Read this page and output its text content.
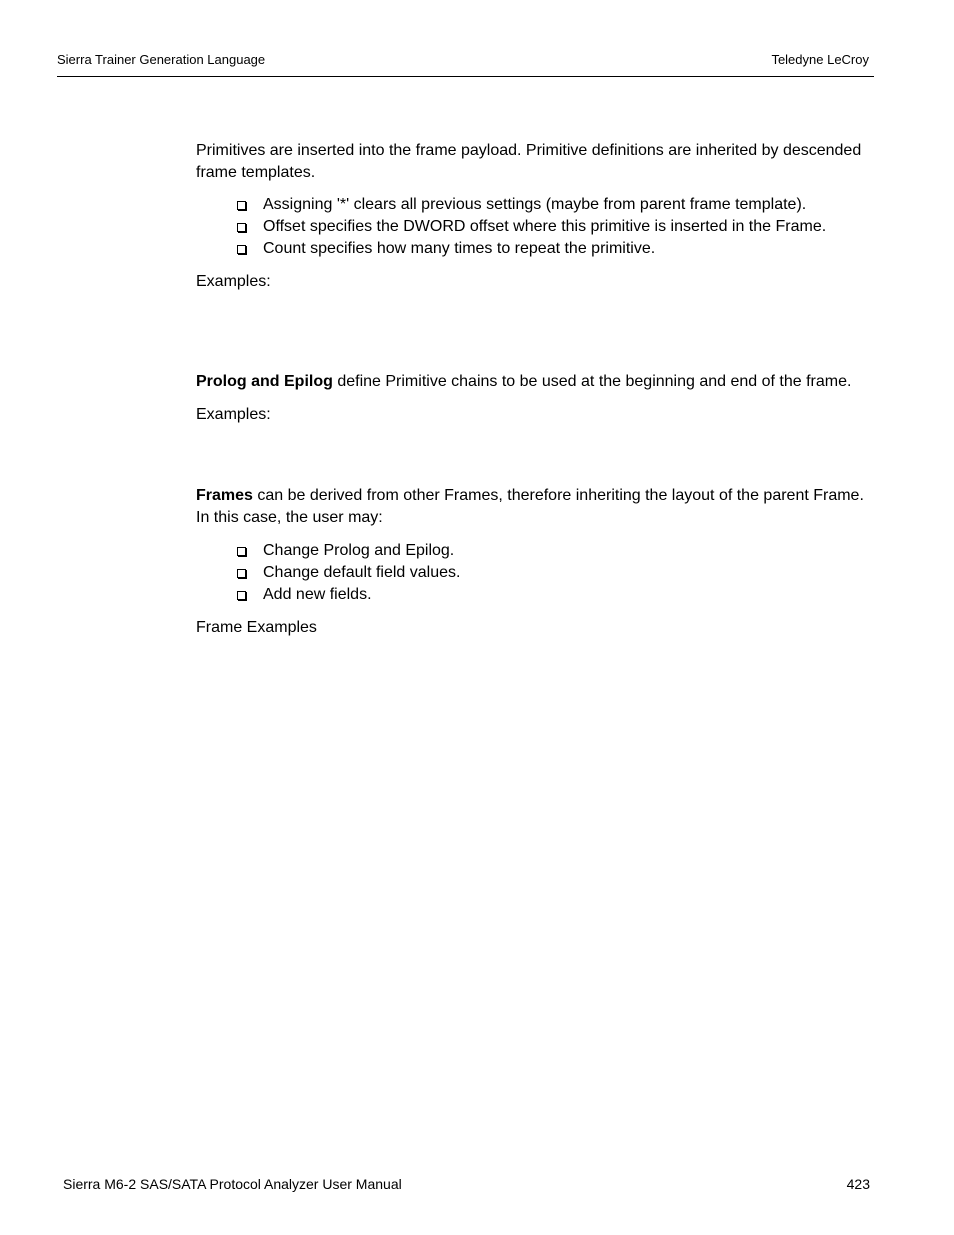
Sierra Trainer Generation Language	Teledyne LeCroy

Primitives are inserted into the frame payload. Primitive definitions are inherited by descended frame templates.

Assigning '*' clears all previous settings (maybe from parent frame template).
Offset specifies the DWORD offset where this primitive is inserted in the Frame.
Count specifies how many times to repeat the primitive.

Examples:

Prolog and Epilog define Primitive chains to be used at the beginning and end of the frame.

Examples:

Frames can be derived from other Frames, therefore inheriting the layout of the parent Frame. In this case, the user may:

Change Prolog and Epilog.
Change default field values.
Add new fields.

Frame Examples

Sierra M6-2 SAS/SATA Protocol Analyzer User Manual	423
